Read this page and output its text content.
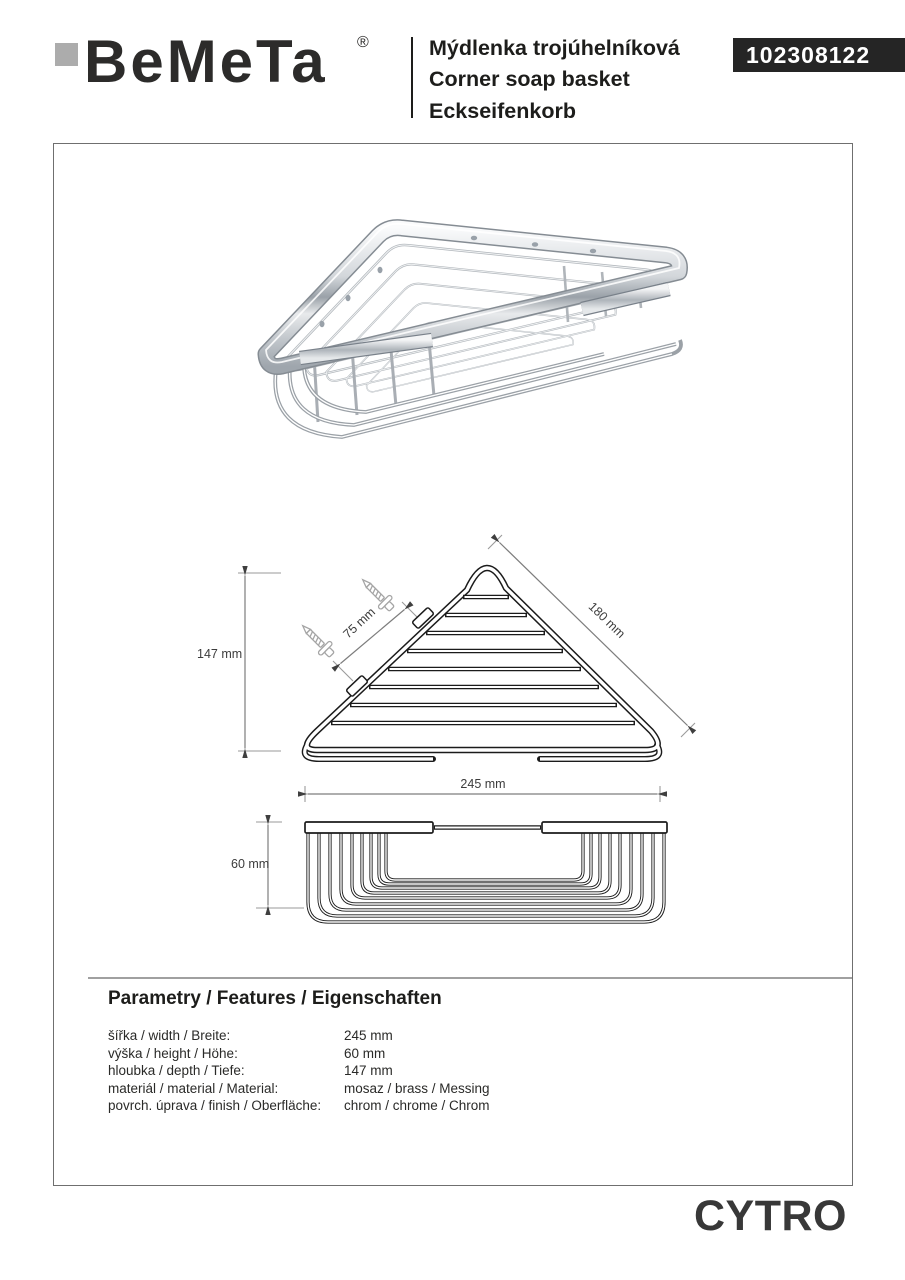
BeMeTa ®	Mýdlenka trojúhelníková
Corner soap basket
Eckseifenkorb
102308122
147 mm
75 mm	180 mm
245 mm
60 mm
Parametry / Features / Eigenschaften
šířka / width / Breite:	245 mm
výška / height / Höhe:	60 mm
hloubka / depth / Tiefe:	147 mm
materiál / material / Material:	mosaz / brass / Messing
povrch. úprava / finish / Oberfläche:	chrom / chrome / Chrom
CYTRO
